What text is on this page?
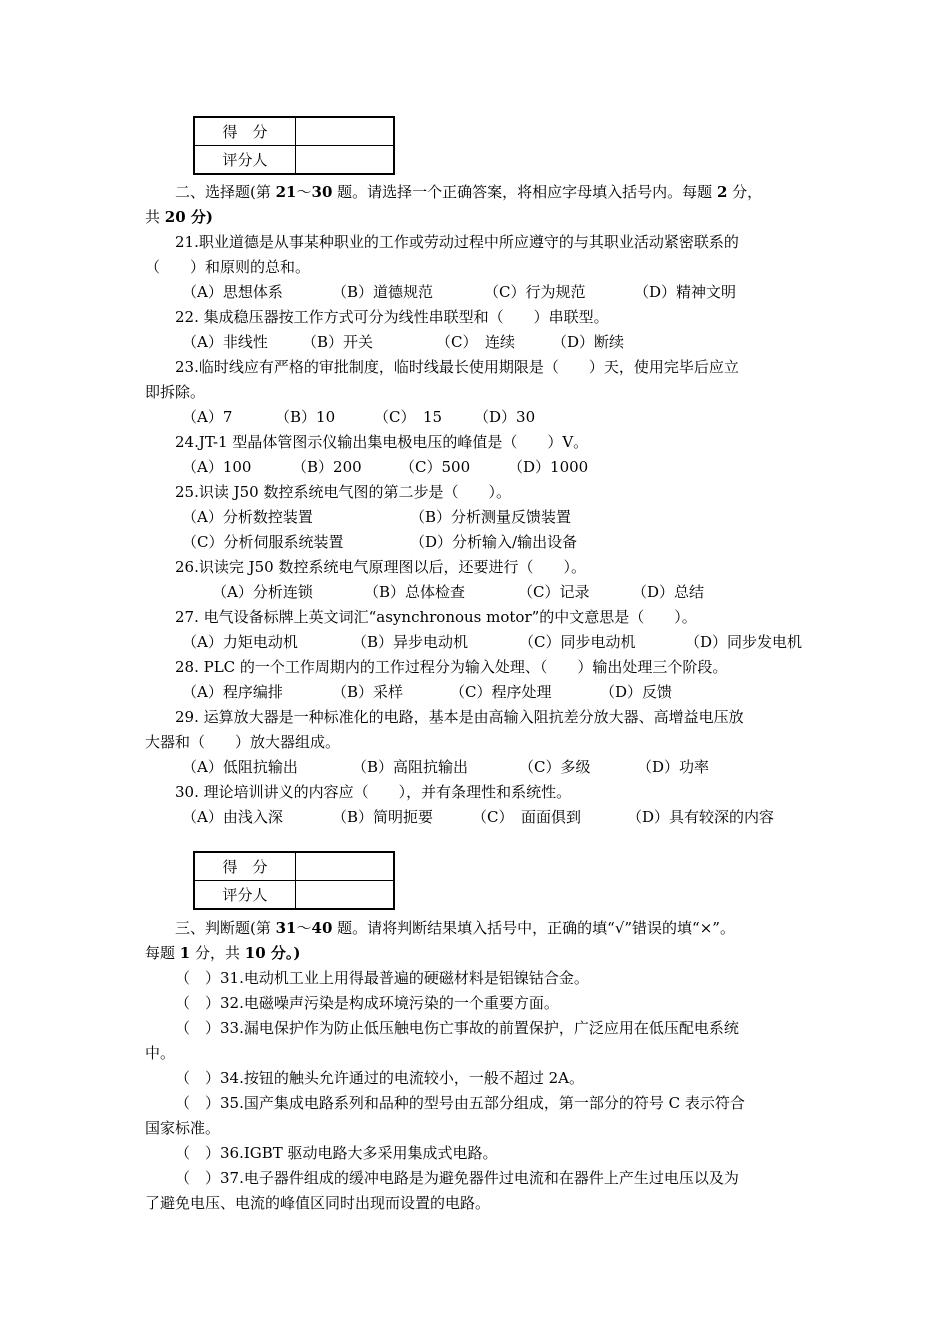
得　分	
评分人	
二、选择题(第 21～30 题。请选择一个正确答案，将相应字母填入括号内。每题 2 分，
共 20 分)
21.职业道德是从事某种职业的工作或劳动过程中所应遵守的与其职业活动紧密联系的
（　　）和原则的总和。
（A）思想体系	（B）道德规范	（C）行为规范	（D）精神文明
22. 集成稳压器按工作方式可分为线性串联型和（　　）串联型。
（A）非线性 （B）开关	（C）　连续 （D）断续
23.临时线应有严格的审批制度，临时线最长使用期限是（　　）天，使用完毕后应立
即拆除。
（A）7	（B）10	（C）　15 （D）30
24.JT-1 型晶体管图示仪输出集电极电压的峰值是（　　）V。
（A）100	（B）200	（C）500	（D）1000
25.识读 J50 数控系统电气图的第二步是（　　）。
（A）分析数控装置	（B）分析测量反馈装置
（C）分析伺服系统装置	（D）分析输入/输出设备
26.识读完 J50 数控系统电气原理图以后，还要进行（　　）。
（A）分析连锁	（B）总体检查	（C）记录	（D）总结
27. 电气设备标牌上英文词汇“asynchronous motor”的中文意思是（　　）。
（A）力矩电动机	（B）异步电动机	（C）同步电动机	（D）同步发电机
28. PLC 的一个工作周期内的工作过程分为输入处理、（　　）输出处理三个阶段。
（A）程序编排	（B）采样	（C）程序处理	（D）反馈
29. 运算放大器是一种标准化的电路，基本是由高输入阻抗差分放大器、高增益电压放
大器和（　　）放大器组成。
（A）低阻抗输出	（B）高阻抗输出	（C）多级	（D）功率
30. 理论培训讲义的内容应（　　），并有条理性和系统性。
（A）由浅入深	（B）简明扼要	（C）　面面俱到	（D）具有较深的内容
得　分	
评分人	
三、判断题(第 31～40 题。请将判断结果填入括号中，正确的填“√”错误的填“×”。
每题 1 分，共 10 分。)
（　）31.电动机工业上用得最普遍的硬磁材料是铝镍钴合金。
（　）32.电磁噪声污染是构成环境污染的一个重要方面。
（　）33.漏电保护作为防止低压触电伤亡事故的前置保护，广泛应用在低压配电系统
中。
（　）34.按钮的触头允许通过的电流较小，一般不超过 2A。
（　）35.国产集成电路系列和品种的型号由五部分组成，第一部分的符号 C 表示符合
国家标准。
（　）36.IGBT 驱动电路大多采用集成式电路。
（　）37.电子器件组成的缓冲电路是为避免器件过电流和在器件上产生过电压以及为
了避免电压、电流的峰值区同时出现而设置的电路。
